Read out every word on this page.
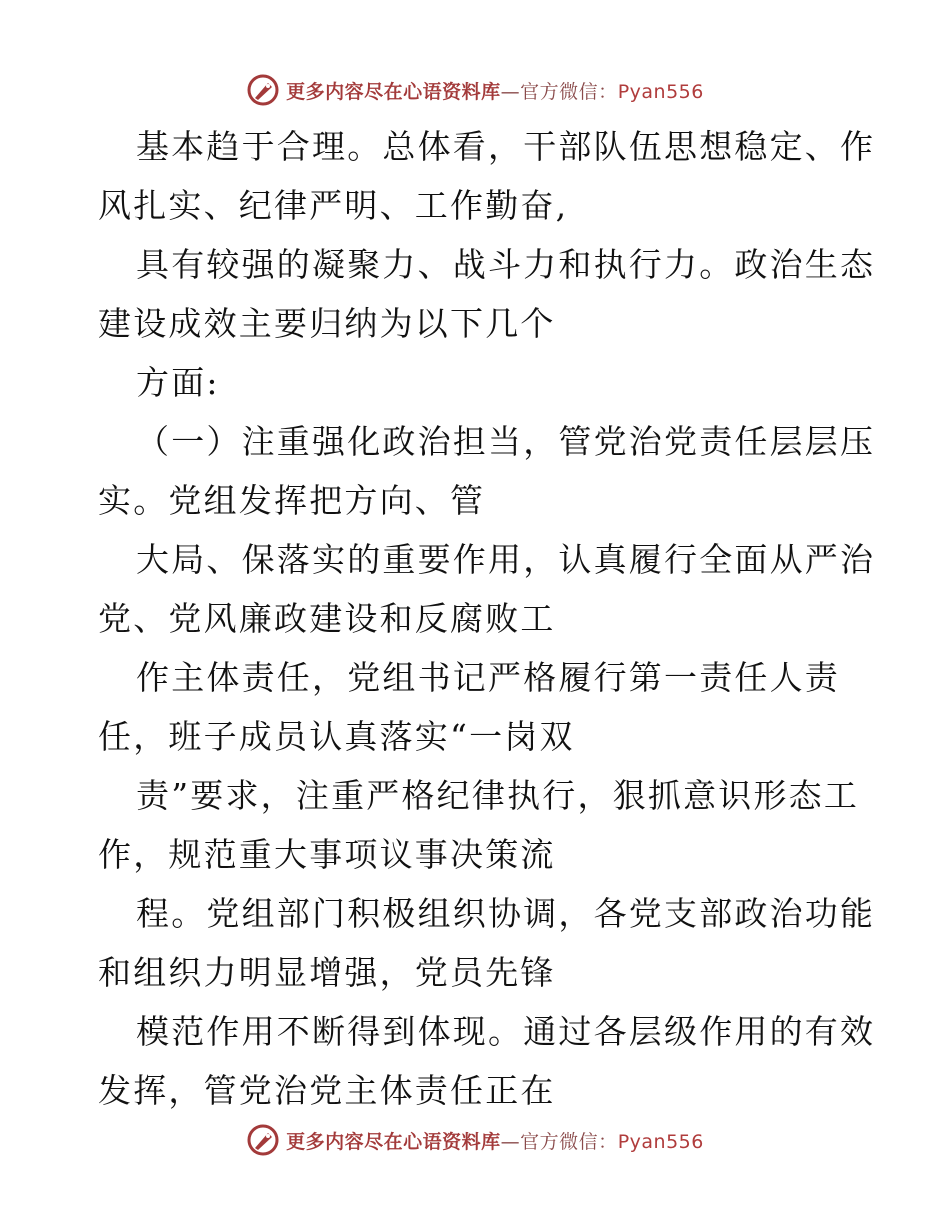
更多内容尽在心语资料库—官方微信：Pyan556
基本趋于合理。总体看，干部队伍思想稳定、作
风扎实、纪律严明、工作勤奋,
具有较强的凝聚力、战斗力和执行力。政治生态
建设成效主要归纳为以下几个
方面:
（一）注重强化政治担当，管党治党责任层层压
实。党组发挥把方向、管
大局、保落实的重要作用，认真履行全面从严治
党、党风廉政建设和反腐败工
作主体责任，党组书记严格履行第一责任人责
任，班子成员认真落实“一岗双
责”要求，注重严格纪律执行，狠抓意识形态工
作，规范重大事项议事决策流
程。党组部门积极组织协调，各党支部政治功能
和组织力明显增强，党员先锋
模范作用不断得到体现。通过各层级作用的有效
发挥，管党治党主体责任正在
更多内容尽在心语资料库—官方微信：Pyan556
